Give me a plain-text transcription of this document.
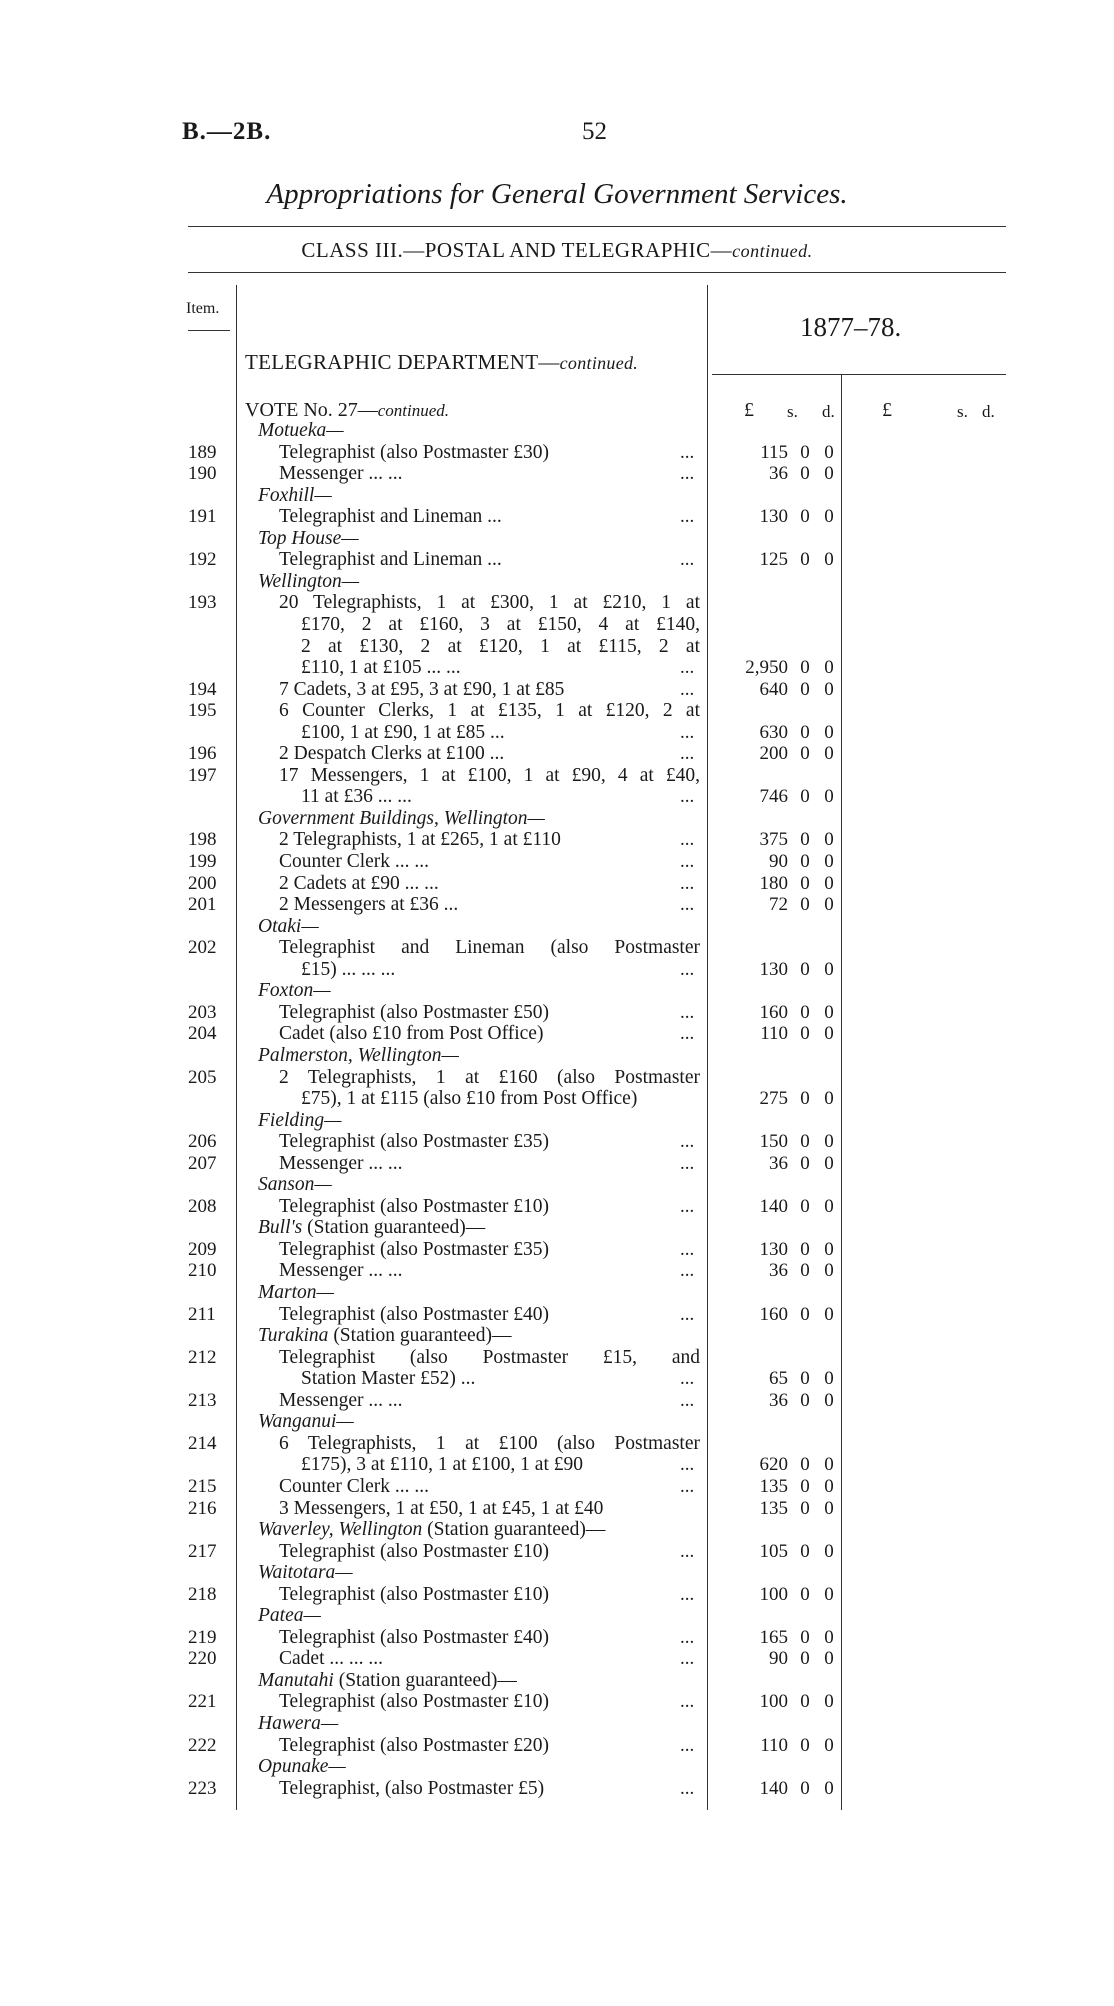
B.—2B.	52
Appropriations for General Government Services.
CLASS III.—POSTAL AND TELEGRAPHIC—continued.
Item.
1877–78.
TELEGRAPHIC DEPARTMENT—continued.
VOTE No. 27—continued.	£ s. d. £	s. d.
Motueka—
189	Telegraphist (also Postmaster £30)	...	115 0 0
190	Messenger ... ...	...	36 0 0
Foxhill—
191	Telegraphist and Lineman ...	...	130 0 0
Top House—
192	Telegraphist and Lineman ...	...	125 0 0
Wellington—
193	20 Telegraphists, 1 at £300, 1 at £210, 1 at
£170, 2 at £160, 3 at £150, 4 at £140,
2 at £130, 2 at £120, 1 at £115, 2 at
£110, 1 at £105 ... ...	...	2,950 0 0
194	7 Cadets, 3 at £95, 3 at £90, 1 at £85	...	640 0 0
195	6 Counter Clerks, 1 at £135, 1 at £120, 2 at
£100, 1 at £90, 1 at £85 ...	...	630 0 0
196	2 Despatch Clerks at £100 ...	...	200 0 0
197	17 Messengers, 1 at £100, 1 at £90, 4 at £40,
11 at £36 ... ...	...	746 0 0
Government Buildings, Wellington—
198	2 Telegraphists, 1 at £265, 1 at £110	...	375 0 0
199	Counter Clerk ... ...	...	90 0 0
200	2 Cadets at £90 ... ...	...	180 0 0
201	2 Messengers at £36 ...	...	72 0 0
Otaki—
202	Telegraphist and Lineman (also Postmaster
£15) ... ... ...	...	130 0 0
Foxton—
203	Telegraphist (also Postmaster £50)	...	160 0 0
204	Cadet (also £10 from Post Office)	...	110 0 0
Palmerston, Wellington—
205	2 Telegraphists, 1 at £160 (also Postmaster
£75), 1 at £115 (also £10 from Post Office)	275 0 0
Fielding—
206	Telegraphist (also Postmaster £35)	...	150 0 0
207	Messenger ... ...	...	36 0 0
Sanson—
208	Telegraphist (also Postmaster £10)	...	140 0 0
Bull's (Station guaranteed)—
209	Telegraphist (also Postmaster £35)	...	130 0 0
210	Messenger ... ...	...	36 0 0
Marton—
211	Telegraphist (also Postmaster £40)	...	160 0 0
Turakina (Station guaranteed)—
212	Telegraphist (also Postmaster £15, and
Station Master £52) ...	...	65 0 0
213	Messenger ... ...	...	36 0 0
Wanganui—
214	6 Telegraphists, 1 at £100 (also Postmaster
£175), 3 at £110, 1 at £100, 1 at £90	...	620 0 0
215	Counter Clerk ... ...	...	135 0 0
216	3 Messengers, 1 at £50, 1 at £45, 1 at £40	135 0 0
Waverley, Wellington (Station guaranteed)—
217	Telegraphist (also Postmaster £10)	...	105 0 0
Waitotara—
218	Telegraphist (also Postmaster £10)	...	100 0 0
Patea—
219	Telegraphist (also Postmaster £40)	...	165 0 0
220	Cadet ... ... ...	...	90 0 0
Manutahi (Station guaranteed)—
221	Telegraphist (also Postmaster £10)	...	100 0 0
Hawera—
222	Telegraphist (also Postmaster £20)	...	110 0 0
Opunake—
223	Telegraphist, (also Postmaster £5)	...	140 0 0
